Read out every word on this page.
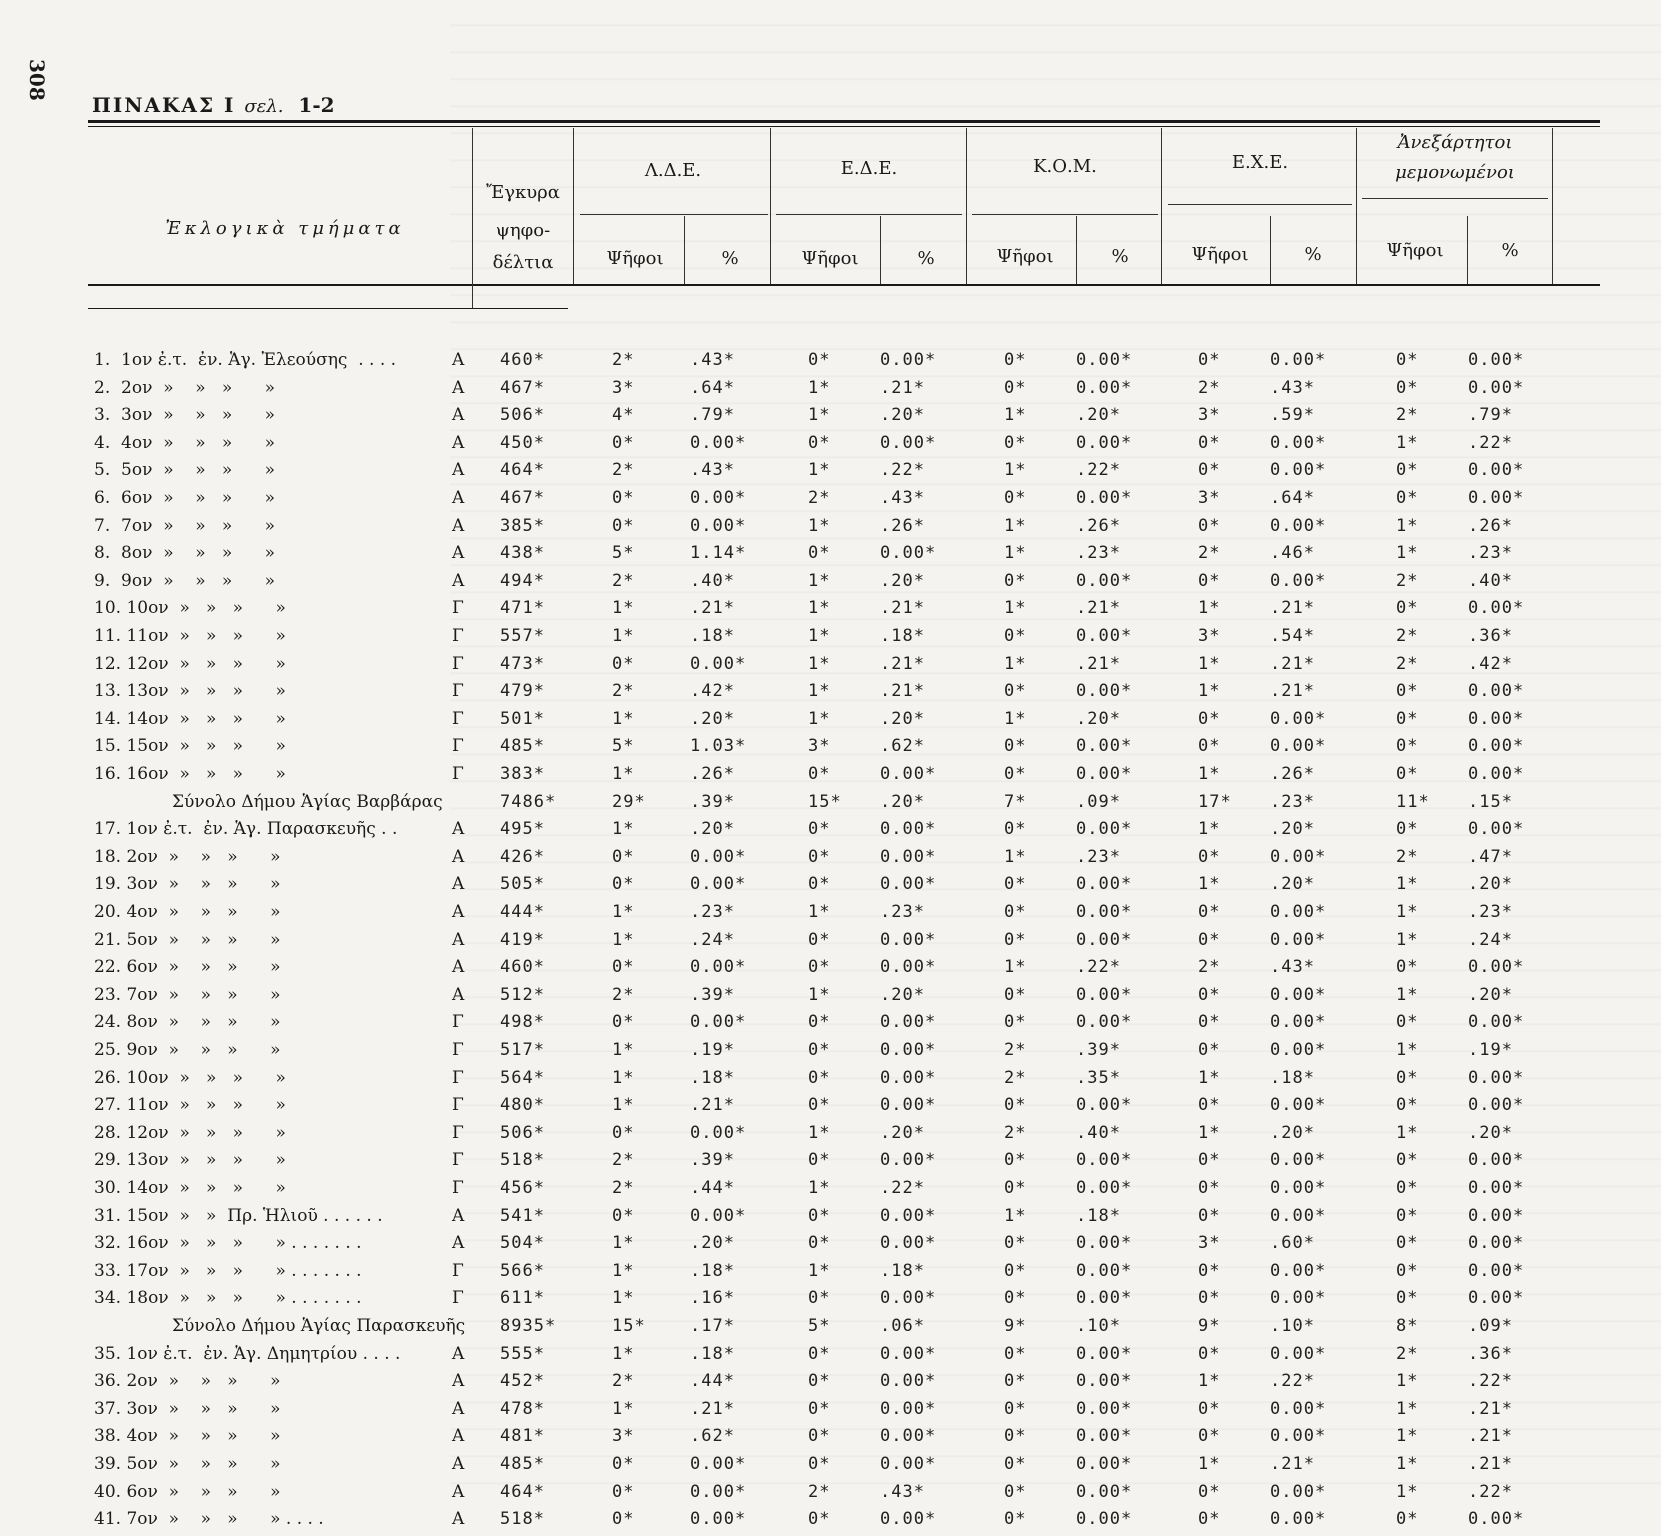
308
ΠΙΝΑΚΑΣ Ι σελ. 1-2
Ἐκλογικὰ τμήματα
Ἔγκυρα
ψηφο-
δέλτια
Λ.Δ.Ε.	Ε.Δ.Ε.	Κ.Ο.Μ.	Ε.Χ.Ε.
Ἀνεξάρτητοι
μεμονωμένοι
Ψῆφοι	%	Ψῆφοι	%	Ψῆφοι	%	Ψῆφοι	%	Ψῆφοι	%
1.  1ον ἐ.τ.  ἐν. Ἁγ. Ἐλεούσης  . . . .	Α 460*	2*	.43*	0*	0.00*	0*	0.00*	0*	0.00*	0*	0.00*
2.  2ον  »    »   »      »	Α 467*	3*	.64*	1*	.21*	0*	0.00*	2*	.43*	0*	0.00*
3.  3ον  »    »   »      »	Α 506*	4*	.79*	1*	.20*	1*	.20*	3*	.59*	2*	.79*
4.  4ον  »    »   »      »	Α 450*	0*	0.00*	0*	0.00*	0*	0.00*	0*	0.00*	1*	.22*
5.  5ον  »    »   »      »	Α 464*	2*	.43*	1*	.22*	1*	.22*	0*	0.00*	0*	0.00*
6.  6ον  »    »   »      »	Α 467*	0*	0.00*	2*	.43*	0*	0.00*	3*	.64*	0*	0.00*
7.  7ον  »    »   »      »	Α 385*	0*	0.00*	1*	.26*	1*	.26*	0*	0.00*	1*	.26*
8.  8ον  »    »   »      »	Α 438*	5*	1.14*	0*	0.00*	1*	.23*	2*	.46*	1*	.23*
9.  9ον  »    »   »      »	Α 494*	2*	.40*	1*	.20*	0*	0.00*	0*	0.00*	2*	.40*
10. 10ον  »   »   »      »	Γ 471*	1*	.21*	1*	.21*	1*	.21*	1*	.21*	0*	0.00*
11. 11ον  »   »   »      »	Γ 557*	1*	.18*	1*	.18*	0*	0.00*	3*	.54*	2*	.36*
12. 12ον  »   »   »      »	Γ 473*	0*	0.00*	1*	.21*	1*	.21*	1*	.21*	2*	.42*
13. 13ον  »   »   »      »	Γ 479*	2*	.42*	1*	.21*	0*	0.00*	1*	.21*	0*	0.00*
14. 14ον  »   »   »      »	Γ 501*	1*	.20*	1*	.20*	1*	.20*	0*	0.00*	0*	0.00*
15. 15ον  »   »   »      »	Γ 485*	5*	1.03*	3*	.62*	0*	0.00*	0*	0.00*	0*	0.00*
16. 16ον  »   »   »      »	Γ 383*	1*	.26*	0*	0.00*	0*	0.00*	1*	.26*	0*	0.00*
Σύνολο Δήμου Ἁγίας Βαρβάρας	7486*	29*	.39*	15* .20*	7*	.09*	17* .23*	11* .15*
17. 1ον ἐ.τ.  ἐν. Ἁγ. Παρασκευῆς . .	Α 495*	1*	.20*	0*	0.00*	0*	0.00*	1*	.20*	0*	0.00*
18. 2ον  »    »   »      »	Α 426*	0*	0.00*	0*	0.00*	1*	.23*	0*	0.00*	2*	.47*
19. 3ον  »    »   »      »	Α 505*	0*	0.00*	0*	0.00*	0*	0.00*	1*	.20*	1*	.20*
20. 4ον  »    »   »      »	Α 444*	1*	.23*	1*	.23*	0*	0.00*	0*	0.00*	1*	.23*
21. 5ον  »    »   »      »	Α 419*	1*	.24*	0*	0.00*	0*	0.00*	0*	0.00*	1*	.24*
22. 6ον  »    »   »      »	Α 460*	0*	0.00*	0*	0.00*	1*	.22*	2*	.43*	0*	0.00*
23. 7ον  »    »   »      »	Α 512*	2*	.39*	1*	.20*	0*	0.00*	0*	0.00*	1*	.20*
24. 8ον  »    »   »      »	Γ 498*	0*	0.00*	0*	0.00*	0*	0.00*	0*	0.00*	0*	0.00*
25. 9ον  »    »   »      »	Γ 517*	1*	.19*	0*	0.00*	2*	.39*	0*	0.00*	1*	.19*
26. 10ον  »   »   »      »	Γ 564*	1*	.18*	0*	0.00*	2*	.35*	1*	.18*	0*	0.00*
27. 11ον  »   »   »      »	Γ 480*	1*	.21*	0*	0.00*	0*	0.00*	0*	0.00*	0*	0.00*
28. 12ον  »   »   »      »	Γ 506*	0*	0.00*	1*	.20*	2*	.40*	1*	.20*	1*	.20*
29. 13ον  »   »   »      »	Γ 518*	2*	.39*	0*	0.00*	0*	0.00*	0*	0.00*	0*	0.00*
30. 14ον  »   »   »      »	Γ 456*	2*	.44*	1*	.22*	0*	0.00*	0*	0.00*	0*	0.00*
31. 15ον  »   »  Πρ. Ἡλιοῦ . . . . . .	Α 541*	0*	0.00*	0*	0.00*	1*	.18*	0*	0.00*	0*	0.00*
32. 16ον  »   »   »      » . . . . . . .	Α 504*	1*	.20*	0*	0.00*	0*	0.00*	3*	.60*	0*	0.00*
33. 17ον  »   »   »      » . . . . . . .	Γ 566*	1*	.18*	1*	.18*	0*	0.00*	0*	0.00*	0*	0.00*
34. 18ον  »   »   »      » . . . . . . .	Γ 611*	1*	.16*	0*	0.00*	0*	0.00*	0*	0.00*	0*	0.00*
Σύνολο Δήμου Ἁγίας Παρασκευῆς 8935*	15*	.17*	5*	.06*	9*	.10*	9*	.10*	8*	.09*
35. 1ον ἐ.τ.  ἐν. Ἁγ. Δημητρίου . . . .	Α 555*	1*	.18*	0*	0.00*	0*	0.00*	0*	0.00*	2*	.36*
36. 2ον  »    »   »      »	Α 452*	2*	.44*	0*	0.00*	0*	0.00*	1*	.22*	1*	.22*
37. 3ον  »    »   »      »	Α 478*	1*	.21*	0*	0.00*	0*	0.00*	0*	0.00*	1*	.21*
38. 4ον  »    »   »      »	Α 481*	3*	.62*	0*	0.00*	0*	0.00*	0*	0.00*	1*	.21*
39. 5ον  »    »   »      »	Α 485*	0*	0.00*	0*	0.00*	0*	0.00*	1*	.21*	1*	.21*
40. 6ον  »    »   »      »	Α 464*	0*	0.00*	2*	.43*	0*	0.00*	0*	0.00*	1*	.22*
41. 7ον  »    »   »      » . . . .	Α 518*	0*	0.00*	0*	0.00*	0*	0.00*	0*	0.00*	0*	0.00*
